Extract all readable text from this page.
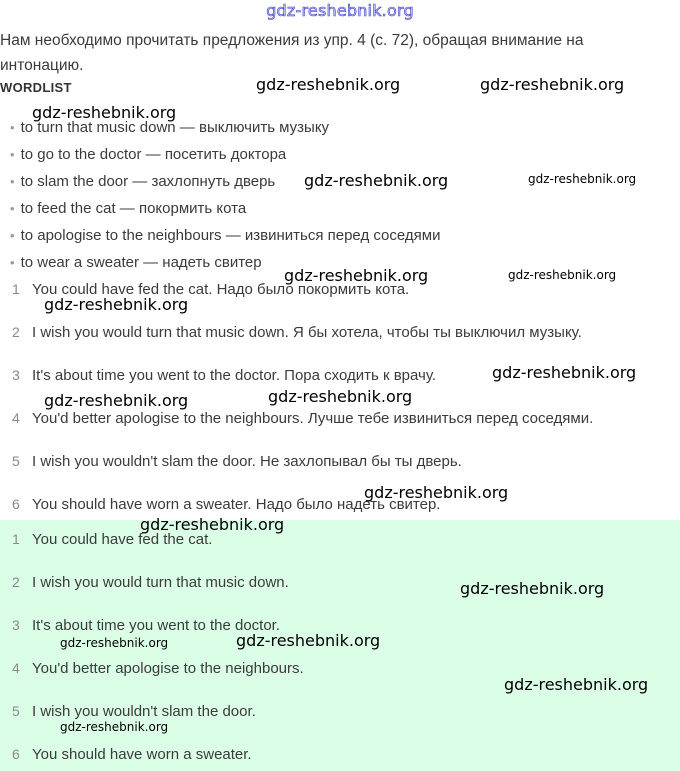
gdz-reshebnik.org
Нам необходимо прочитать предложения из упр. 4 (с. 72), обращая внимание на интонацию.
WORDLIST
• to turn that music down — выключить музыку
• to go to the doctor — посетить доктора
• to slam the door — захлопнуть дверь
• to feed the cat — покормить кота
• to apologise to the neighbours — извиниться перед соседями
• to wear a sweater — надеть свитер
1 You could have fed the cat. Надо было покормить кота.
2 I wish you would turn that music down. Я бы хотела, чтобы ты выключил музыку.
3 It's about time you went to the doctor. Пора сходить к врачу.
4 You'd better apologise to the neighbours. Лучше тебе извиниться перед соседями.
5 I wish you wouldn't slam the door. Не захлопывал бы ты дверь.
6 You should have worn a sweater. Надо было надеть свитер.
1 You could have fed the cat.
2 I wish you would turn that music down.
3 It's about time you went to the doctor.
4 You'd better apologise to the neighbours.
5 I wish you wouldn't slam the door.
6 You should have worn a sweater.
gdz-reshebnik.org	gdz-reshebnik.org
gdz-reshebnik.org
gdz-reshebnik.org	gdz-reshebnik.org
gdz-reshebnik.org	gdz-reshebnik.org
gdz-reshebnik.org
gdz-reshebnik.org
gdz-reshebnik.org	gdz-reshebnik.org
gdz-reshebnik.org
gdz-reshebnik.org
gdz-reshebnik.org
gdz-reshebnik.org	gdz-reshebnik.org
gdz-reshebnik.org
gdz-reshebnik.org
